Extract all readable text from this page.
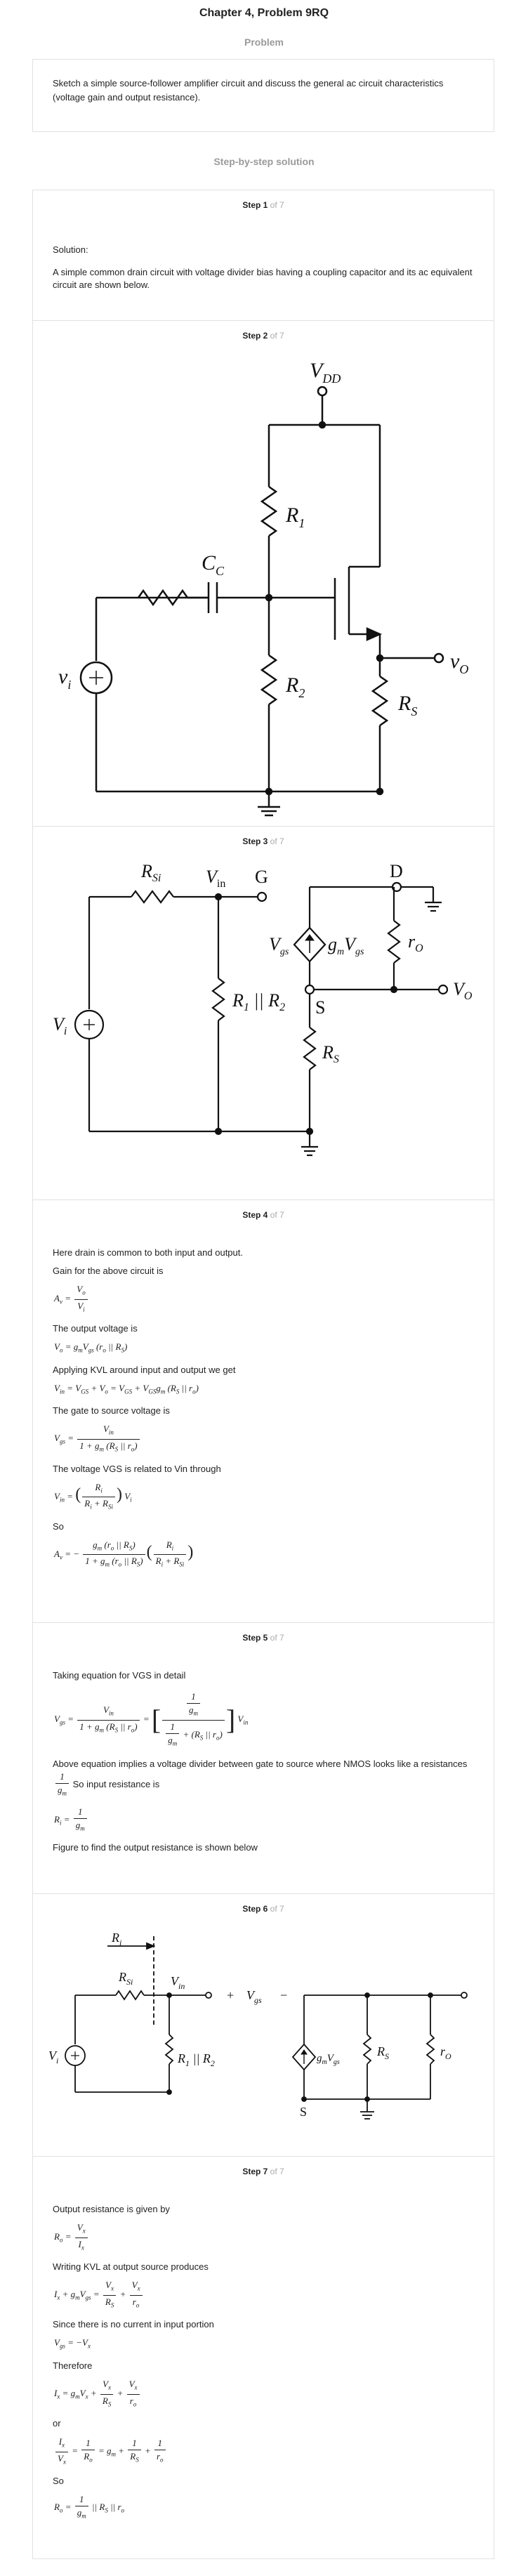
Chapter 4, Problem 9RQ
Problem
Sketch a simple source-follower amplifier circuit and discuss the general ac circuit characteristics (voltage gain and output resistance).
Step-by-step solution
Step 1 of 7

Solution:

A simple common drain circuit with voltage divider bias having a coupling capacitor and its ac equivalent circuit are shown below.

Step 2 of 7
$V_{DD}$
$R_1$
$R_2$
$C_C$
$R_S$
$v_i$
$v_O$
Step 3 of 7
$R_{Si}$ $V_{in}$ G	D
S
$V_{gs}$ $g_mV_{gs}$
$r_O$
$R_1$ || $R_2$
$V_i$
$V_O$
$R_S$
Step 4 of 7

Here drain is common to both input and output.

Gain for the above circuit is

$A_v = \frac{V_o}{V_i}$

The output voltage is

$V_o = g_mV_{gs}$ ($r_o$ || $R_S$)

Applying KVL around input and output we get

$V_{in} = V_{GS} + V_o = V_{GS} + V_{GS}g_m$ ($R_S$ || $r_o$)

The gate to source voltage is

$V_{gs} = \frac{V_{in}}{1 + g_m (R_S || r_o)}$

The voltage VGS is related to Vin through

$V_{in}$ = ( $\frac{R_i}{R_i + R_{Si}}$ ) $V_i$

So

$A_v$ = − $\frac{g_m (r_o || R_S)}{1 + g_m (r_o || R_S)}$ ( $\frac{R_i}{R_i + R_{Si}}$ )
Step 5 of 7

Taking equation for VGS in detail

$V_{gs} = \frac{V_{in}}{1 + g_m (R_S || r_o)}$ = [ $\frac{\frac{1}{g_m}}{\frac{1}{g_m} + (R_S || r_o)}$ ] $V_{in}$

Above equation implies a voltage divider between gate to source where NMOS looks like a resistances
$\frac{1}{g_m}$ So input resistance is

$R_i = \frac{1}{g_m}$

Figure to find the output resistance is shown below

Step 6 of 7
$R_i$
$R_{Si}$	$V_{in}$
+ $V_{gs}$ −
$V_i$	$R_1$ || $R_2$	$g_mV_{gs}$
$R_S$	$r_O$
S
Step 7 of 7

Output resistance is given by

$R_o = \frac{V_x}{I_x}$

Writing KVL at output source produces

$I_x + g_mV_{gs} = \frac{V_x}{R_S} + \frac{V_x}{r_o}$

Since there is no current in input portion

$V_{gs} = -V_x$

Therefore

$I_x = g_mV_x + \frac{V_x}{R_S} + \frac{V_x}{r_o}$

or

$\frac{I_x}{V_x} = \frac{1}{R_o} = g_m + \frac{1}{R_S} + \frac{1}{r_o}$

So

$R_o = \frac{1}{g_m}$ || $R_S$ || $r_o$
